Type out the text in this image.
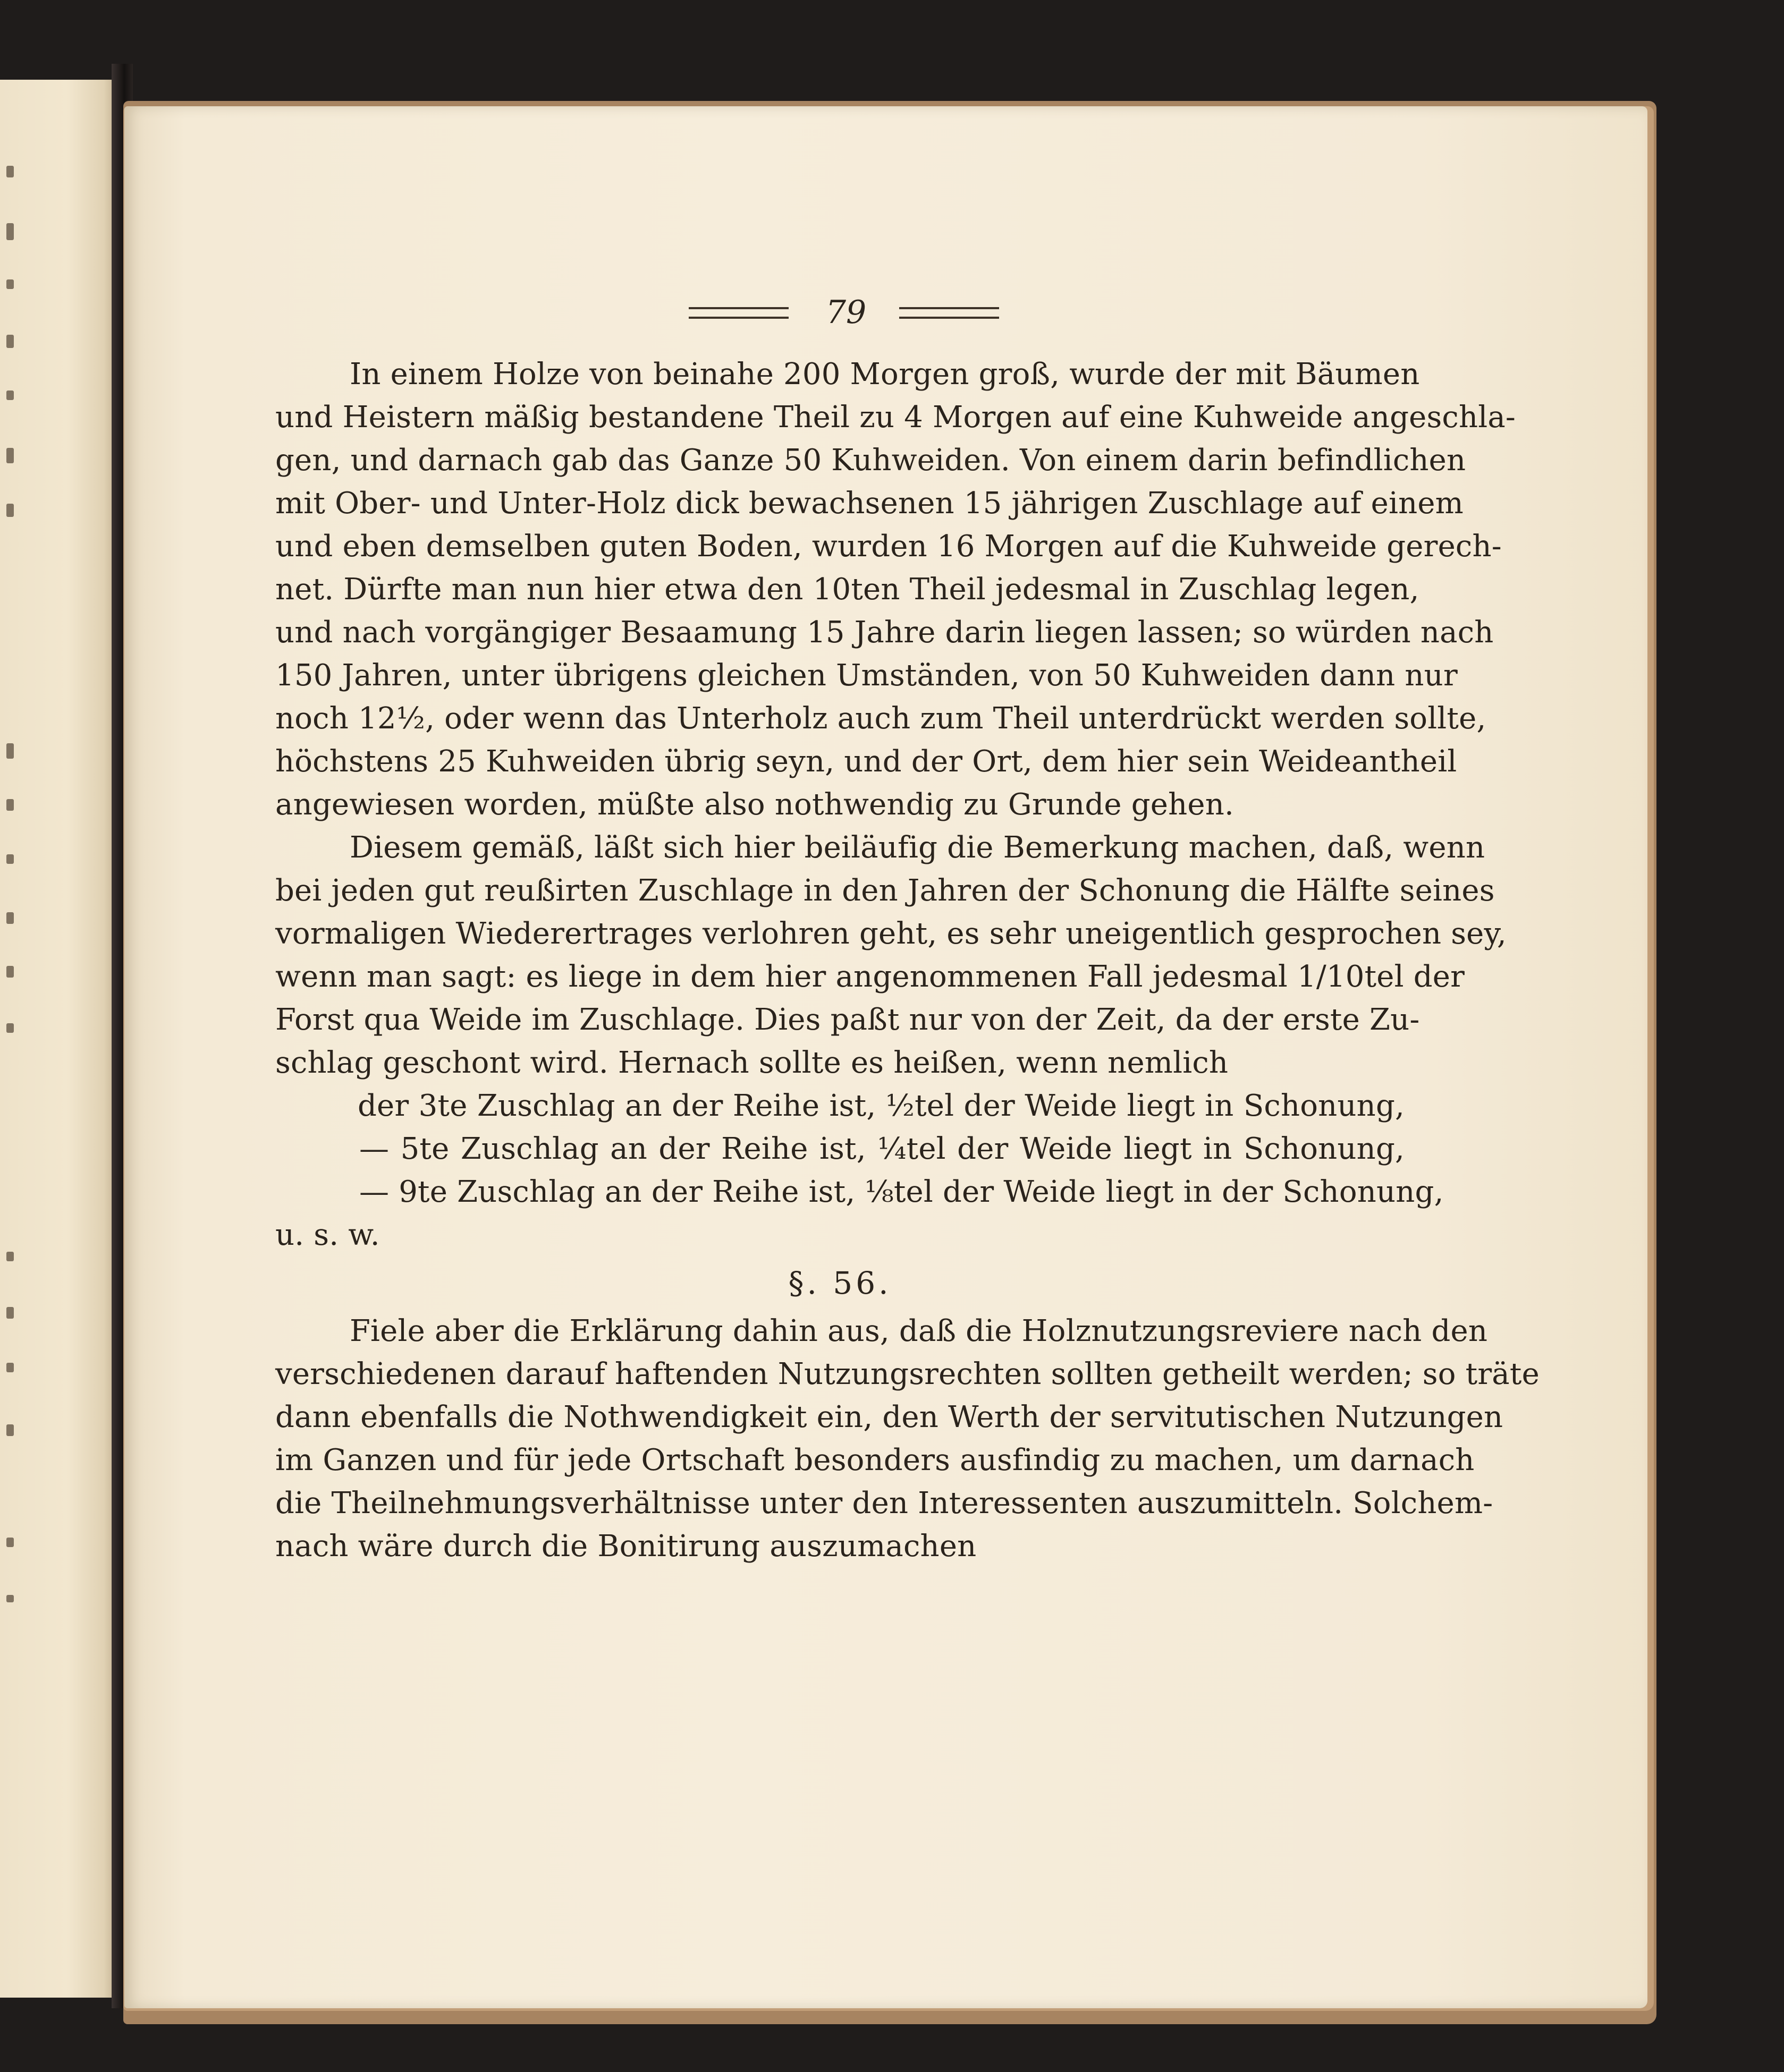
79
In einem Holze von beinahe 200 Morgen groß, wurde der mit Bäumen
und Heistern mäßig bestandene Theil zu 4 Morgen auf eine Kuhweide angeschla-
gen, und darnach gab das Ganze 50 Kuhweiden. Von einem darin befindlichen
mit Ober- und Unter-Holz dick bewachsenen 15 jährigen Zuschlage auf einem
und eben demselben guten Boden, wurden 16 Morgen auf die Kuhweide gerech-
net. Dürfte man nun hier etwa den 10ten Theil jedesmal in Zuschlag legen,
und nach vorgängiger Besaamung 15 Jahre darin liegen lassen; so würden nach
150 Jahren, unter übrigens gleichen Umständen, von 50 Kuhweiden dann nur
noch 12½, oder wenn das Unterholz auch zum Theil unterdrückt werden sollte,
höchstens 25 Kuhweiden übrig seyn, und der Ort, dem hier sein Weideantheil
angewiesen worden, müßte also nothwendig zu Grunde gehen.
Diesem gemäß, läßt sich hier beiläufig die Bemerkung machen, daß, wenn
bei jeden gut reußirten Zuschlage in den Jahren der Schonung die Hälfte seines
vormaligen Wiederertrages verlohren geht, es sehr uneigentlich gesprochen sey,
wenn man sagt: es liege in dem hier angenommenen Fall jedesmal 1/10tel der
Forst qua Weide im Zuschlage. Dies paßt nur von der Zeit, da der erste Zu-
schlag geschont wird. Hernach sollte es heißen, wenn nemlich
der 3te Zuschlag an der Reihe ist, ½tel der Weide liegt in Schonung,
— 5te Zuschlag an der Reihe ist, ¼tel der Weide liegt in Schonung,
— 9te Zuschlag an der Reihe ist, ⅛tel der Weide liegt in der Schonung,
u. s. w.
§. 56.
Fiele aber die Erklärung dahin aus, daß die Holznutzungsreviere nach den
verschiedenen darauf haftenden Nutzungsrechten sollten getheilt werden; so träte
dann ebenfalls die Nothwendigkeit ein, den Werth der servitutischen Nutzungen
im Ganzen und für jede Ortschaft besonders ausfindig zu machen, um darnach
die Theilnehmungsverhältnisse unter den Interessenten auszumitteln. Solchem-
nach wäre durch die Bonitirung auszumachen
